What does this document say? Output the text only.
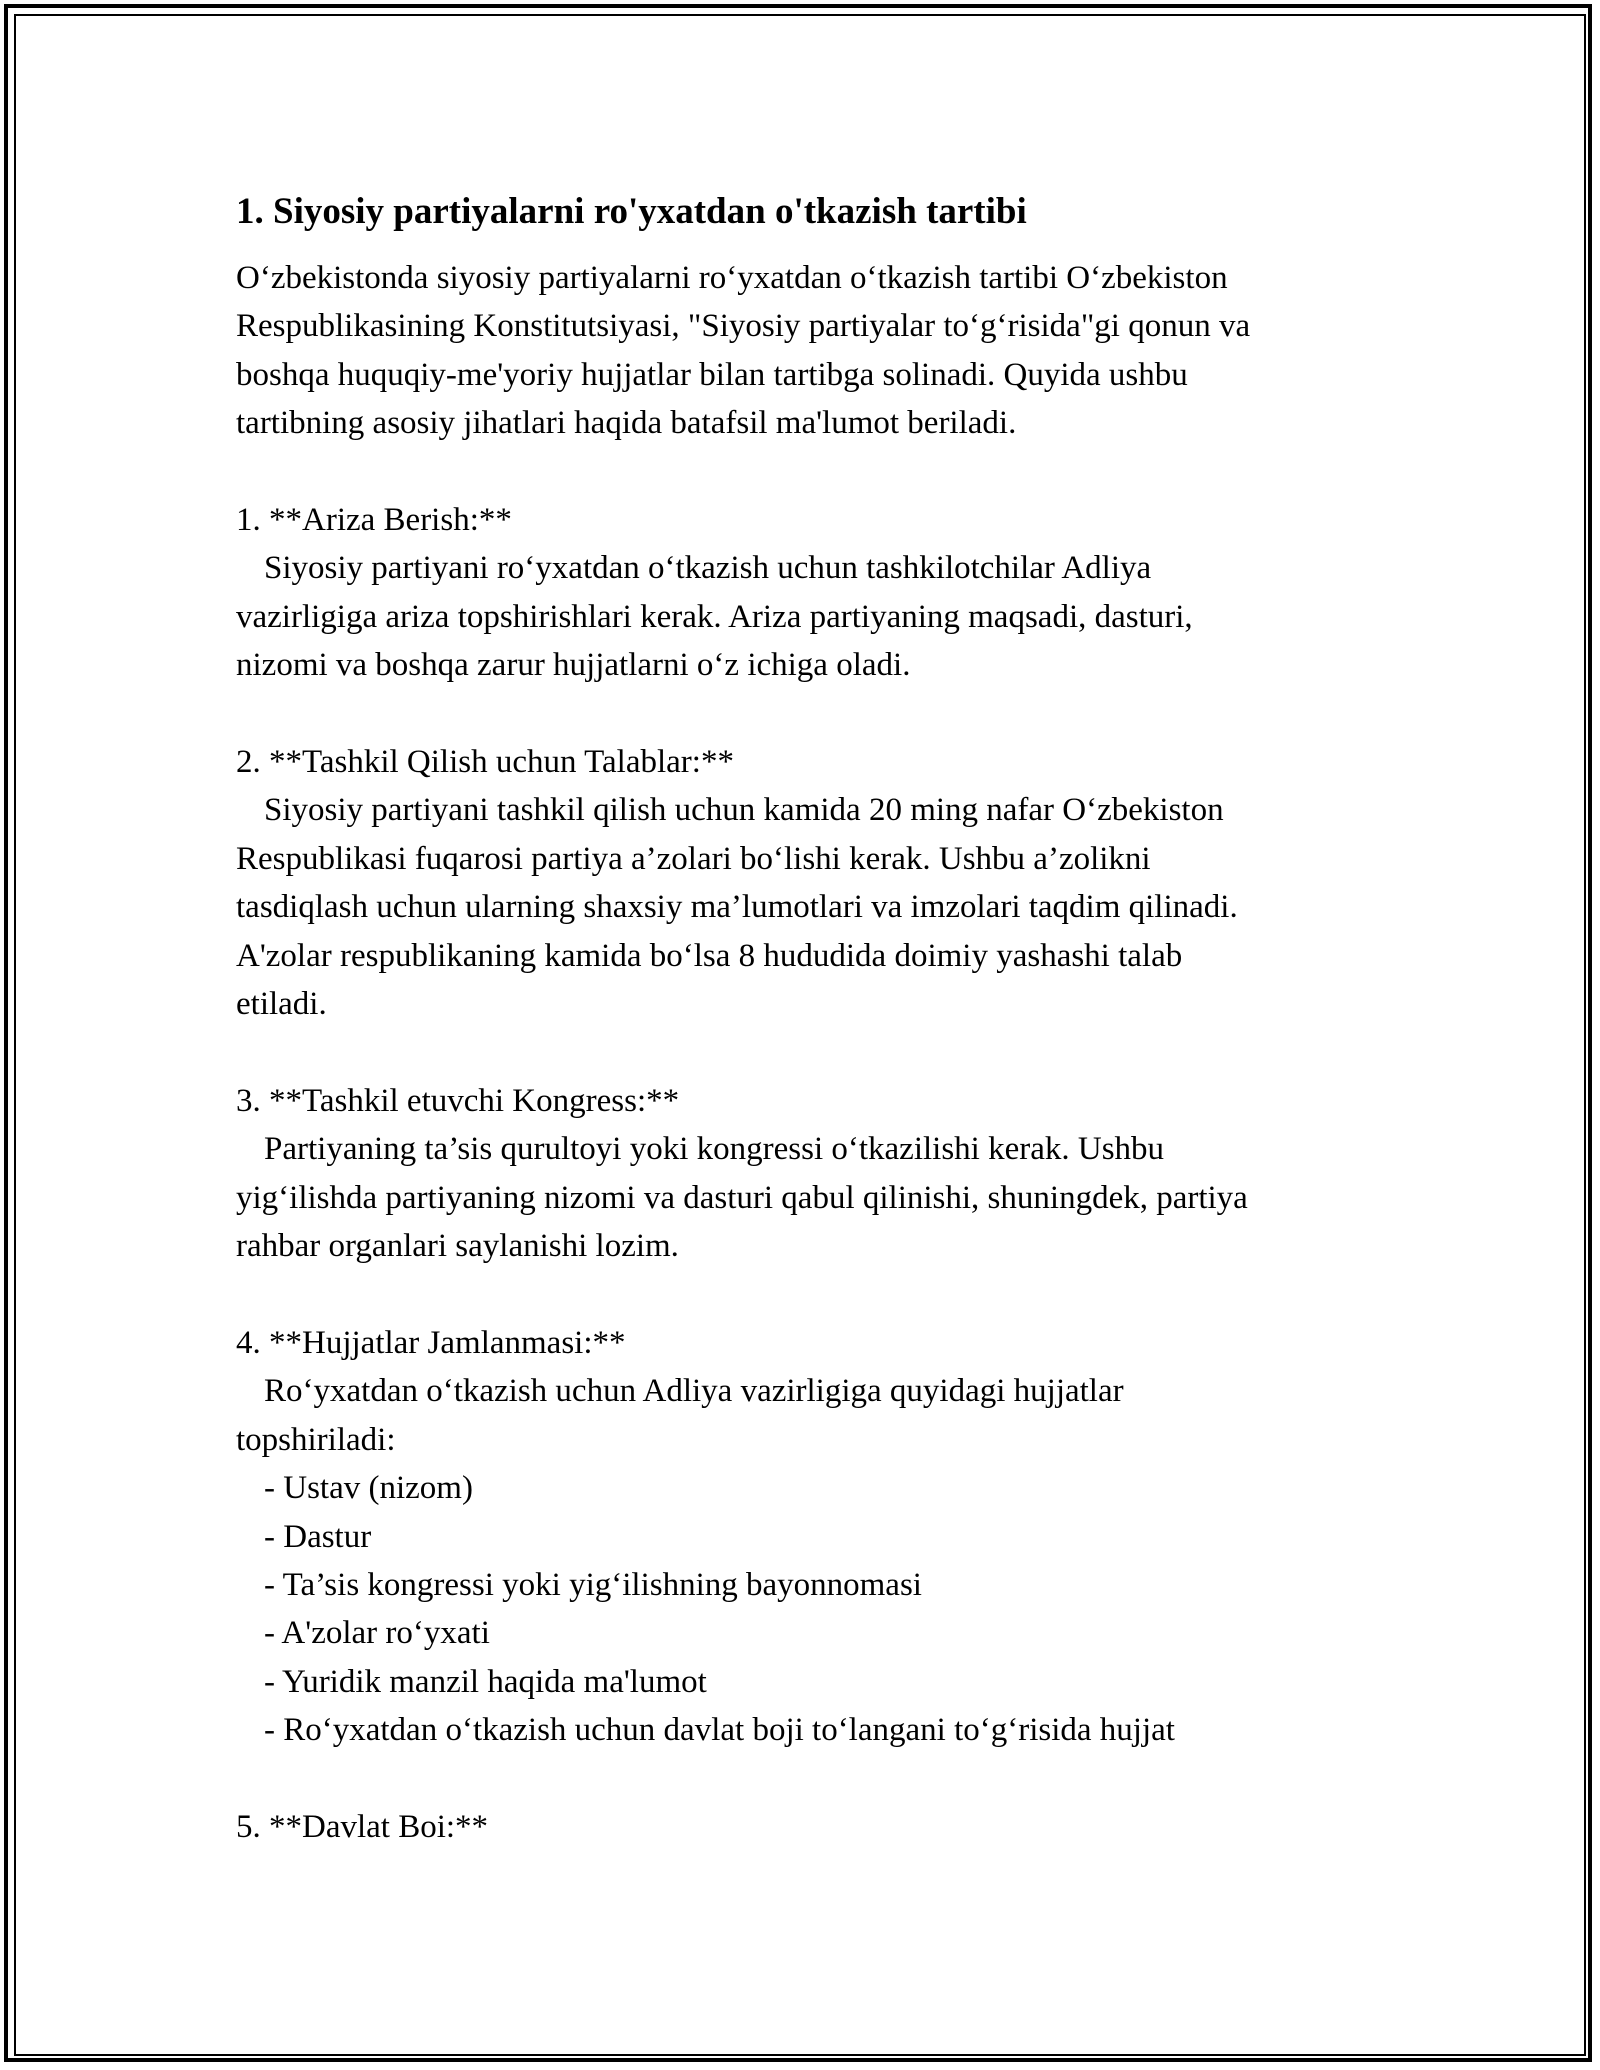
1. Siyosiy partiyalarni ro'yxatdan o'tkazish tartibi

O‘zbekistonda siyosiy partiyalarni ro‘yxatdan o‘tkazish tartibi O‘zbekiston

Respublikasining Konstitutsiyasi, "Siyosiy partiyalar to‘g‘risida"gi qonun va

boshqa huquqiy-me'yoriy hujjatlar bilan tartibga solinadi. Quyida ushbu

tartibning asosiy jihatlari haqida batafsil ma'lumot beriladi.

1. **Ariza Berish:**

Siyosiy partiyani ro‘yxatdan o‘tkazish uchun tashkilotchilar Adliya

vazirligiga ariza topshirishlari kerak. Ariza partiyaning maqsadi, dasturi,

nizomi va boshqa zarur hujjatlarni o‘z ichiga oladi.

2. **Tashkil Qilish uchun Talablar:**

Siyosiy partiyani tashkil qilish uchun kamida 20 ming nafar O‘zbekiston

Respublikasi fuqarosi partiya a’zolari bo‘lishi kerak. Ushbu a’zolikni

tasdiqlash uchun ularning shaxsiy ma’lumotlari va imzolari taqdim qilinadi.

A'zolar respublikaning kamida bo‘lsa 8 hududida doimiy yashashi talab

etiladi.

3. **Tashkil etuvchi Kongress:**

Partiyaning ta’sis qurultoyi yoki kongressi o‘tkazilishi kerak. Ushbu

yig‘ilishda partiyaning nizomi va dasturi qabul qilinishi, shuningdek, partiya

rahbar organlari saylanishi lozim.

4. **Hujjatlar Jamlanmasi:**

Ro‘yxatdan o‘tkazish uchun Adliya vazirligiga quyidagi hujjatlar

topshiriladi:

- Ustav (nizom)

- Dastur

- Ta’sis kongressi yoki yig‘ilishning bayonnomasi

- A'zolar ro‘yxati

- Yuridik manzil haqida ma'lumot

- Ro‘yxatdan o‘tkazish uchun davlat boji to‘langani to‘g‘risida hujjat

5. **Davlat Boi:**
